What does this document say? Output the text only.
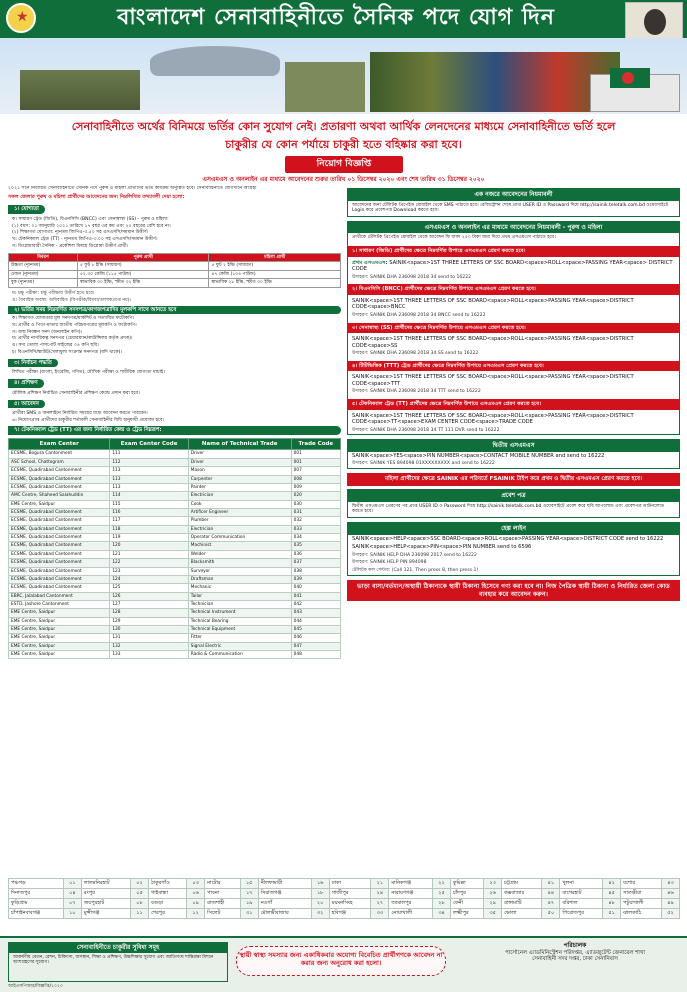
★	বাংলাদেশ সেনাবাহিনীতে সৈনিক পদে যোগ দিন
সেনাবাহিনীতে অর্থের বিনিময়ে ভর্তির কোন সুযোগ নেই। প্রতারণা অথবা আর্থিক লেনদেনের মাধ্যমে সেনাবাহিনীতে ভর্তি হলে
চাকুরীর যে কোন পর্যায়ে চাকুরী হতে বহিষ্কার করা হবে।
নিয়োগ বিজ্ঞপ্তি
এসএমএস ও অনলাইন এর মাধ্যমে আবেদনের শুরুর তারিখ ০১ ডিসেম্বর ২০২০ এবং শেষ তারিখ ৩১ ডিসেম্বর ২০২০
২০২১ সনে নির্ধারিত সেনাবাহিনীতে সৈনিক পদে পুরুষ ও মহিলা প্রার্থীদের ভর্তি কার্যক্রম অনুষ্ঠিত হবে। সেনাবাহিনীতে যোগদানে আগ্রহী
সকল জেলার পুরুষ ও মহিলা প্রার্থীদের আবেদনের জন্য নিম্নলিখিত তথ্যাবলী দেয়া হলো:
১। যোগ্যতা
ক। সাধারণ ট্রেড (জিডি), বিএনসিসি (BNCC) এবং সেনাস্বাস্থ্য (SS) - পুরুষ ও মহিলা:
(১) বয়স: ০১ জানুয়ারি ২০২১ তারিখে ১৭ বছর এর কম এবং ২০ বছরের বেশি হবে না।
(২) শিক্ষাগত যোগ্যতা: ন্যূনতম জিপিএ-৩.৫০ সহ এসএসসি/সমমান উত্তীর্ণ।
খ। টেকনিক্যাল ট্রেড (TT) - ন্যূনতম জিপিএ-৩.০০ সহ এসএসসি/সমমান উত্তীর্ণ।
গ। ডিপ্লোমাধারী সৈনিক - প্রকৌশল বিষয়ে ডিপ্লোমা উত্তীর্ণ প্রার্থী।
বিবরণ	পুরুষ প্রার্থী	মহিলা প্রার্থী
উচ্চতা (ন্যূনতম)	৫ ফুট ৮ ইঞ্চি (সাধারণ)	৫ ফুট ২ ইঞ্চি (সাধারণ)
ওজন (ন্যূনতম)	৫২.৩০ কেজি (১১৫ পাউন্ড)	৪৭ কেজি (১০৪ পাউন্ড)
বুক (ন্যূনতম)	স্বাভাবিক ৩০ ইঞ্চি, স্ফীত ৩২ ইঞ্চি	স্বাভাবিক ২৮ ইঞ্চি, স্ফীত ৩০ ইঞ্চি
ঘ। চক্ষু পরীক্ষা: চক্ষু পরীক্ষায় উত্তীর্ণ হতে হবে।
ঙ। বৈবাহিক অবস্থা: অবিবাহিত (বিপত্নীক/বিধবা/তালাকপ্রাপ্ত নয়)।
২। ভর্তির সময় নিম্নবর্ণিত সনদপত্র/কাগজপত্রাদির মূলকপি সাথে আনতে হবে
ক। শিক্ষাগত যোগ্যতার মূল সনদপত্র/মার্কশিট ও সত্যায়িত ফটোকপি।
খ। প্রার্থীর ও পিতা-মাতার জাতীয় পরিচয়পত্রের মূলকপি ও ফটোকপি।
গ। জন্ম নিবন্ধন সনদ (অনলাইন কপি)।
ঘ। প্রার্থীর নাগরিকত্ব সনদপত্র (চেয়ারম্যান/কাউন্সিলর কর্তৃক প্রদত্ত)।
ঙ। সদ্য তোলা পাসপোর্ট সাইজের ০৪ কপি ছবি।
চ। বিএনসিসি/স্কাউট/খেলাধুলা সংক্রান্ত সনদপত্র (যদি থাকে)।
৩। নির্বাচন পদ্ধতি
লিখিত পরীক্ষা (বাংলা, ইংরেজি, গণিত), মৌখিক পরীক্ষা ও শারীরিক যোগ্যতা যাচাই।
৪। প্রশিক্ষণ
মৌলিক প্রশিক্ষণ নির্বাচিত সেনাবাহিনীর প্রশিক্ষণ কেন্দ্রে প্রদান করা হবে।
৫। আবেদন
প্রার্থীরা SMS ও অনলাইনে নির্ধারিত সময়ের মধ্যে আবেদন করতে পারবেন।
৬। নিয়োগপ্রাপ্ত প্রার্থীদের চাকুরীর শর্তাবলী সেনাবাহিনীর বিধি অনুযায়ী প্রযোজ্য হবে।
৭। টেকনিক্যাল ট্রেড (TT) এর জন্য নির্ধারিত কেন্দ্র ও ট্রেড নিম্নরূপ:
Exam Center	Exam Center Code	Name of Technical Trade	Trade Code
ECSME, Bogura Cantonment	111	Driver	001
ASC School, Chattogram	112	Driver	001
ECSME, Quadirabad Cantonment	113	Mason	007
ECSME, Quadirabad Cantonment	113	Carpenter	008
ECSME, Quadirabad Cantonment	113	Painter	009
AMC Centre, Shaheed Salahuddin	114	Electrician	020
EME Centre, Saidpur	115	Cook	030
ECSME, Quadirabad Cantonment	116	Artificer Engineer	031
ECSME, Quadirabad Cantonment	117	Plumber	032
ECSME, Quadirabad Cantonment	118	Electrician	033
ECSME, Quadirabad Cantonment	119	Operator Communication	034
ECSME, Quadirabad Cantonment	120	Machinist	035
ECSME, Quadirabad Cantonment	121	Welder	036
ECSME, Quadirabad Cantonment	122	Blacksmith	037
ECSME, Quadirabad Cantonment	123	Surveyor	038
ECSME, Quadirabad Cantonment	124	Draftsman	039
ECSME, Quadirabad Cantonment	125	Mechanic	040
EBRC, Jalalabad Cantonment	126	Tailor	041
ESTD, Jashore Cantonment	127	Technician	042
EME Centre, Saidpur	128	Technical Instrument	043
EME Centre, Saidpur	129	Technical Bearing	044
EME Centre, Saidpur	130	Technical Equipment	045
EME Centre, Saidpur	131	Fitter	046
EME Centre, Saidpur	132	Signal Electric	047
EME Centre, Saidpur	133	Radio & Communication	048
এক নজরে আবেদনের নিয়মাবলী
আবেদনের জন্য টেলিটক প্রিপেইড মোবাইল থেকে SMS পাঠাতে হবে। রেজিস্ট্রেশন শেষে প্রাপ্ত USER ID ও Password দিয়ে http://sainik.teletalk.com.bd ওয়েবসাইটে Login করে প্রবেশপত্র Download করতে হবে।
এসএমএস ও অনলাইন এর মাধ্যমে আবেদনের নিয়মাবলী - পুরুষ ও মহিলা
প্রার্থীকে টেলিটক প্রিপেইড মোবাইল থেকে আবেদন ফি বাবদ ২৫০ টাকা জমা দিয়ে প্রথম এসএমএস পাঠাতে হবে।
১। সাধারণ (জিডি) প্রার্থীদের ক্ষেত্রে নিম্নবর্ণিত উপায়ে এসএমএস প্রেরণ করতে হবে।
প্রথম এসএমএস: SAINIK<space>1ST THREE LETTERS OF SSC BOARD<space>ROLL<space>PASSING YEAR<space> DISTRICT CODE
উদাহরণ: SAINIK DHA 236098 2018 34 send to 16222
২। বিএনসিসি (BNCC) প্রার্থীদের ক্ষেত্রে নিম্নবর্ণিত উপায়ে এসএমএস প্রেরণ করতে হবে।
SAINIK<space>1ST THREE LETTERS OF SSC BOARD<space>ROLL<space>PASSING YEAR<space>DISTRICT CODE<space>BNCC
উদাহরণ: SAINIK DHA 236098 2018 34 BNCC send to 16222
৩। সেনাস্বাস্থ্য (SS) প্রার্থীদের ক্ষেত্রে নিম্নবর্ণিত উপায়ে এসএমএস প্রেরণ করতে হবে।
SAINIK<space>1ST THREE LETTERS OF SSC BOARD<space>ROLL<space>PASSING YEAR<space>DISTRICT CODE<space>SS
উদাহরণ: SAINIK DHA 236098 2018 34 SS send to 16222
৪। টিটিভিত্তিক (TTT) ট্রেড প্রার্থীদের ক্ষেত্রে নিম্নবর্ণিত উপায়ে এসএমএস প্রেরণ করতে হবে।
SAINIK<space>1ST THREE LETTERS OF SSC BOARD<space>ROLL<space>PASSING YEAR<space>DISTRICT CODE<space>TTT
উদাহরণ: SAINIK DHA 236098 2018 34 TTT send to 16222
৫। টেকনিক্যাল ট্রেড (TT) প্রার্থীদের ক্ষেত্রে নিম্নবর্ণিত উপায়ে এসএমএস প্রেরণ করতে হবে।
SAINIK<space>1ST THREE LETTERS OF SSC BOARD<space>ROLL<space>PASSING YEAR<space>DISTRICT CODE<space>TT<space>EXAM CENTER CODE<space>TRADE CODE
উদাহরণ: SAINIK DHA 236098 2018 34 TT 111 DVR send to 16222
দ্বিতীয় এসএমএস
SAINIK<space>YES<space>PIN NUMBER<space>CONTACT MOBILE NUMBER and send to 16222
উদাহরণ: SAINIK YES 894098 01XXXXXXXXX and send to 16222
মহিলা প্রার্থীদের ক্ষেত্রে SAINIK এর পরিবর্তে FSAINIK টাইপ করে প্রথম ও দ্বিতীয় এসএমএস প্রেরণ করতে হবে।
প্রবেশ পত্র
দ্বিতীয় এসএমএস প্রেরণের পর প্রাপ্ত USER ID ও Password দিয়ে http://sainik.teletalk.com.bd ওয়েবসাইটে প্রবেশ করে ছবি আপলোড এবং প্রবেশপত্র ডাউনলোড করতে হবে।
হেল্প লাইন
SAINIK<space>HELP<space>SSC BOARD<space>ROLL<space>PASSING YEAR<space>DISTRICT CODE send to 16222
SAINIK<space>HELP<space>PIN<space>PIN NUMBER send to 6596
উদাহরণ: SAINIK HELP DHA 236098 2017 send to 16222
উদাহরণ: SAINIK HELP PIN 894098
টেলিটক কল সেন্টার: (Call 121, Then press 8, then press 1)
ভাড়া বাসা/বর্তমান/অস্থায়ী ঠিকানাকে স্থায়ী ঠিকানা হিসেবে গণ্য করা হবে না। নিজ পৈত্রিক স্থায়ী ঠিকানা ও নির্ধারিত জেলা কোড ব্যবহার করে আবেদন করুন।
পঞ্চগড়	০১	লালমনিরহাট	০২	ঠাকুরগাঁও	০৩	নাটোর	১৫	নীলফামারী	১৬	ঢাকা	২১	মানিকগঞ্জ	২২	কুমিল্লা	২৩	চট্টগ্রাম	৪১	খুলনা	৪২	যশোর	৪৩
দিনাজপুর	০৪	রংপুর	০৫	গাইবান্ধা	০৬	পাবনা	১৭	সিরাজগঞ্জ	১৮	গাজীপুর	২৪	নারায়ণগঞ্জ	২৫	চাঁদপুর	২৬	কক্সবাজার	৪৪	বাগেরহাট	৪৫	সাতক্ষীরা	৪৬
কুড়িগ্রাম	০৭	জয়পুরহাট	০৮	বগুড়া	০৯	রাজশাহী	১৯	নওগাঁ	২০	ময়মনসিংহ	২৭	জামালপুর	২৮	ফেনী	২৯	রাঙ্গামাটি	৪৭	বরিশাল	৪৮	পটুয়াখালী	৪৯
চাঁপাইনবাবগঞ্জ	১০	মুন্সীগঞ্জ	১১	শেরপুর	১২	সিলেট	৩১	মৌলভীবাজার	৩২	হবিগঞ্জ	৩৩	নোয়াখালী	৩৪	লক্ষ্মীপুর	৩৫	ভোলা	৫০	পিরোজপুর	৫১	ঝালকাঠি	৫২
সেনাবাহিনীতে চাকুরীর সুবিধা সমূহ
আকর্ষণীয় বেতন, রেশন, চিকিৎসা, বাসস্থান, শিক্ষা ও প্রশিক্ষণ, উচ্চশিক্ষার সুযোগ এবং জাতিসংঘ শান্তিরক্ষা মিশনে অংশগ্রহণের সুযোগ।
স্থায়ী স্বাস্থ্য সমস্যার জন্য একাধিকবার অযোগ্য বিবেচিত প্রার্থীগণকে আবেদন না করার জন্য অনুরোধ করা হলো।
পরিচালক
পার্সোনেল এ্যাডমিনিস্ট্রেশন পরিদপ্তর, এ্যাডজুটেন্ট জেনারেল শাখা
সেনাবাহিনী সদর দপ্তর, ঢাকা সেনানিবাস
আইএসপিআর/বিজ্ঞপ্তি/২০২০
